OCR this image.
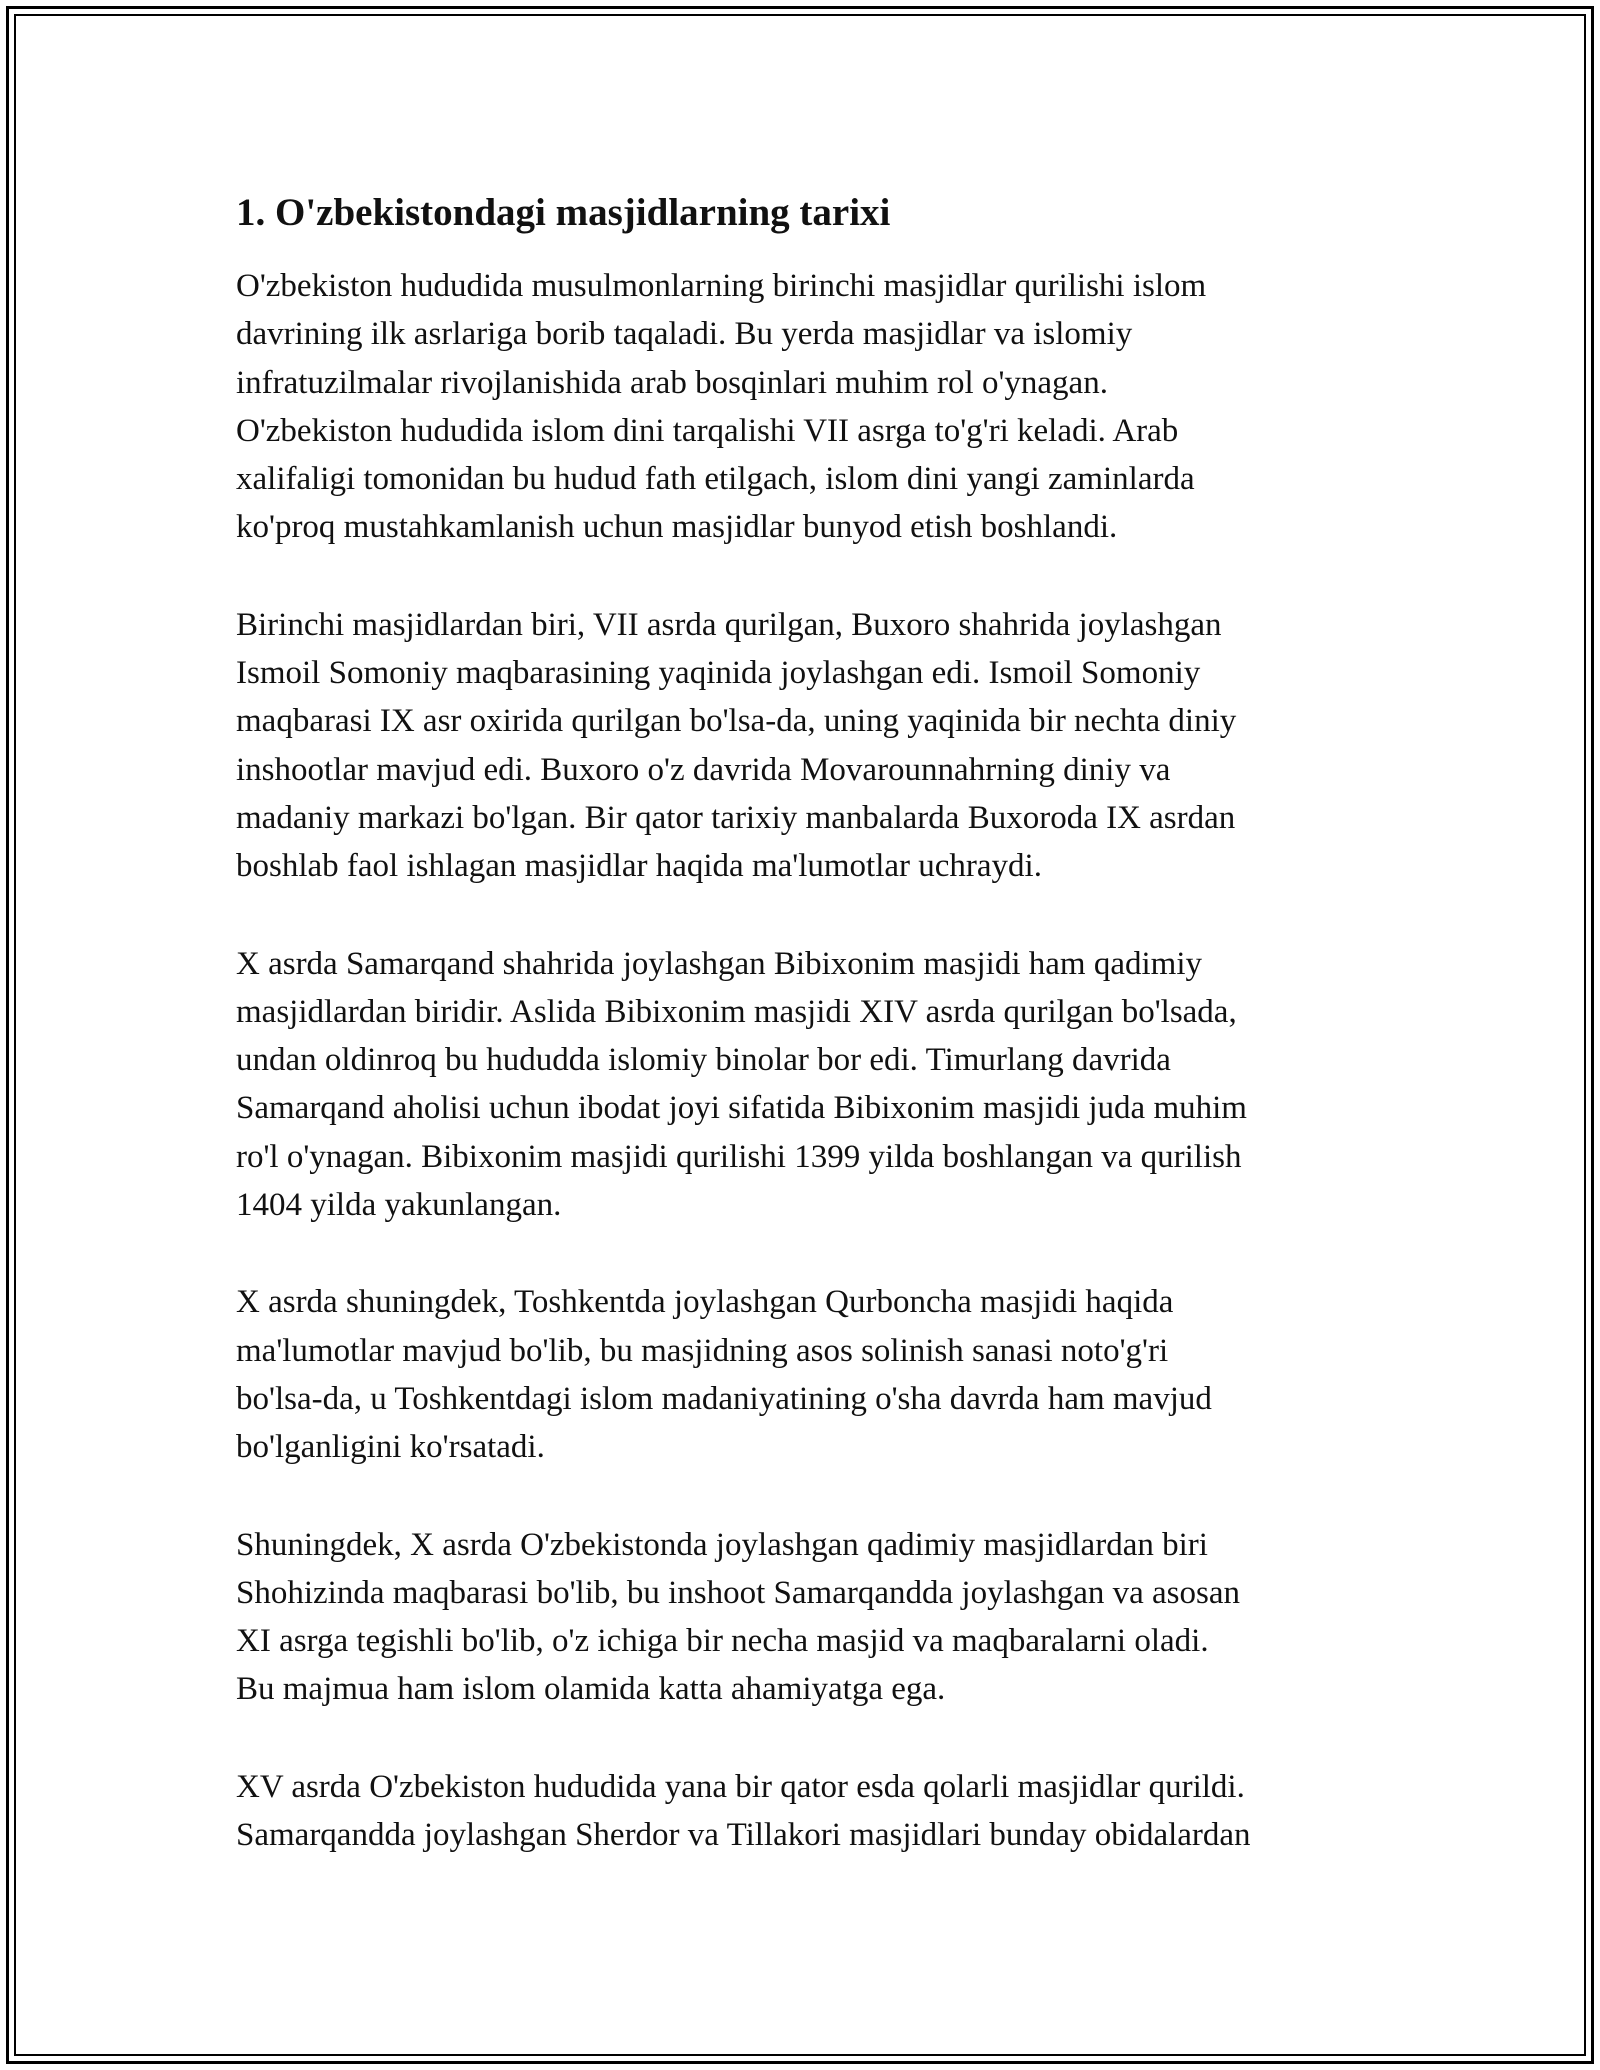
1. O'zbekistondagi masjidlarning tarixi

O'zbekiston hududida musulmonlarning birinchi masjidlar qurilishi islom
davrining ilk asrlariga borib taqaladi. Bu yerda masjidlar va islomiy
infratuzilmalar rivojlanishida arab bosqinlari muhim rol o'ynagan.
O'zbekiston hududida islom dini tarqalishi VII asrga to'g'ri keladi. Arab
xalifaligi tomonidan bu hudud fath etilgach, islom dini yangi zaminlarda
ko'proq mustahkamlanish uchun masjidlar bunyod etish boshlandi.

Birinchi masjidlardan biri, VII asrda qurilgan, Buxoro shahrida joylashgan
Ismoil Somoniy maqbarasining yaqinida joylashgan edi. Ismoil Somoniy
maqbarasi IX asr oxirida qurilgan bo'lsa-da, uning yaqinida bir nechta diniy
inshootlar mavjud edi. Buxoro o'z davrida Movarounnahrning diniy va
madaniy markazi bo'lgan. Bir qator tarixiy manbalarda Buxoroda IX asrdan
boshlab faol ishlagan masjidlar haqida ma'lumotlar uchraydi.

X asrda Samarqand shahrida joylashgan Bibixonim masjidi ham qadimiy
masjidlardan biridir. Aslida Bibixonim masjidi XIV asrda qurilgan bo'lsada,
undan oldinroq bu hududda islomiy binolar bor edi. Timurlang davrida
Samarqand aholisi uchun ibodat joyi sifatida Bibixonim masjidi juda muhim
ro'l o'ynagan. Bibixonim masjidi qurilishi 1399 yilda boshlangan va qurilish
1404 yilda yakunlangan.

X asrda shuningdek, Toshkentda joylashgan Qurboncha masjidi haqida
ma'lumotlar mavjud bo'lib, bu masjidning asos solinish sanasi noto'g'ri
bo'lsa-da, u Toshkentdagi islom madaniyatining o'sha davrda ham mavjud
bo'lganligini ko'rsatadi.

Shuningdek, X asrda O'zbekistonda joylashgan qadimiy masjidlardan biri
Shohizinda maqbarasi bo'lib, bu inshoot Samarqandda joylashgan va asosan
XI asrga tegishli bo'lib, o'z ichiga bir necha masjid va maqbaralarni oladi.
Bu majmua ham islom olamida katta ahamiyatga ega.

XV asrda O'zbekiston hududida yana bir qator esda qolarli masjidlar qurildi.
Samarqandda joylashgan Sherdor va Tillakori masjidlari bunday obidalardan
